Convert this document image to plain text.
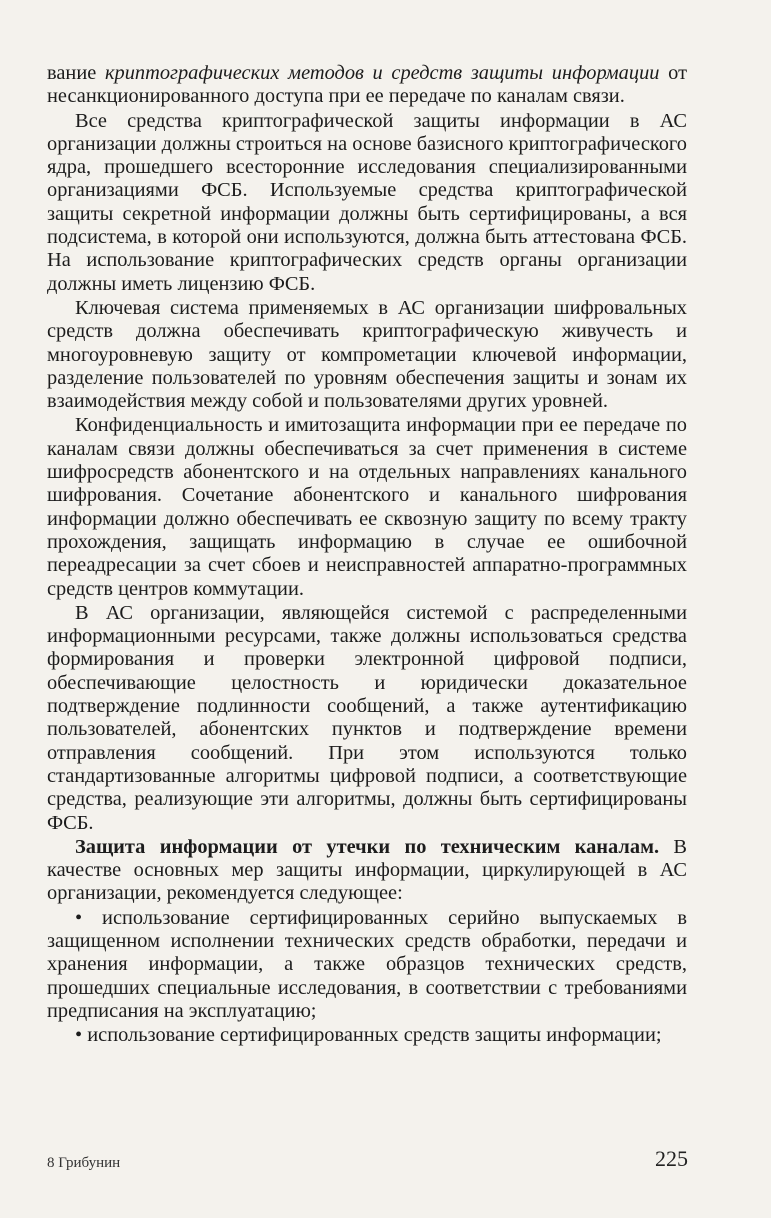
вание криптографических методов и средств защиты информации от несанкционированного доступа при ее передаче по каналам связи.

Все средства криптографической защиты информации в АС организации должны строиться на основе базисного криптографического ядра, прошедшего всесторонние исследования специализированными организациями ФСБ. Используемые средства криптографической защиты секретной информации должны быть сертифицированы, а вся подсистема, в которой они используются, должна быть аттестована ФСБ. На использование криптографических средств органы организации должны иметь лицензию ФСБ.

Ключевая система применяемых в АС организации шифровальных средств должна обеспечивать криптографическую живучесть и многоуровневую защиту от компрометации ключевой информации, разделение пользователей по уровням обеспечения защиты и зонам их взаимодействия между собой и пользователями других уровней.

Конфиденциальность и имитозащита информации при ее передаче по каналам связи должны обеспечиваться за счет применения в системе шифросредств абонентского и на отдельных направлениях канального шифрования. Сочетание абонентского и канального шифрования информации должно обеспечивать ее сквозную защиту по всему тракту прохождения, защищать информацию в случае ее ошибочной переадресации за счет сбоев и неисправностей аппаратно-программных средств центров коммутации.

В АС организации, являющейся системой с распределенными информационными ресурсами, также должны использоваться средства формирования и проверки электронной цифровой подписи, обеспечивающие целостность и юридически доказательное подтверждение подлинности сообщений, а также аутентификацию пользователей, абонентских пунктов и подтверждение времени отправления сообщений. При этом используются только стандартизованные алгоритмы цифровой подписи, а соответствующие средства, реализующие эти алгоритмы, должны быть сертифицированы ФСБ.

Защита информации от утечки по техническим каналам. В качестве основных мер защиты информации, циркулирующей в АС организации, рекомендуется следующее:

• использование сертифицированных серийно выпускаемых в защищенном исполнении технических средств обработки, передачи и хранения информации, а также образцов технических средств, прошедших специальные исследования, в соответствии с требованиями предписания на эксплуатацию;

• использование сертифицированных средств защиты информации;

8 Грибунин	225
